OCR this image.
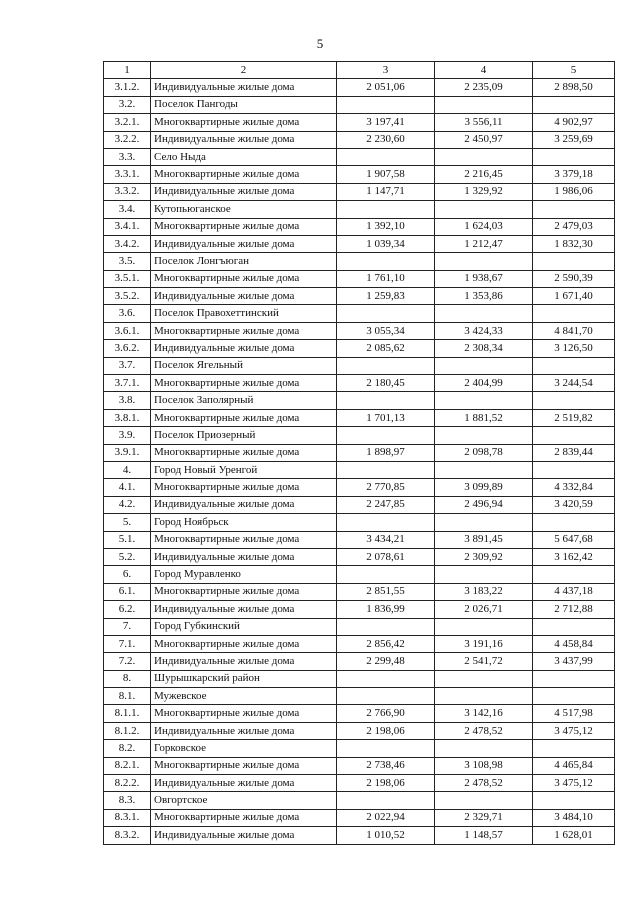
5
1	2	3	4	5
3.1.2.	Индивидуальные жилые дома	2 051,06	2 235,09	2 898,50
3.2.	Поселок Пангоды			
3.2.1.	Многоквартирные жилые дома	3 197,41	3 556,11	4 902,97
3.2.2.	Индивидуальные жилые дома	2 230,60	2 450,97	3 259,69
3.3.	Село Ныда			
3.3.1.	Многоквартирные жилые дома	1 907,58	2 216,45	3 379,18
3.3.2.	Индивидуальные жилые дома	1 147,71	1 329,92	1 986,06
3.4.	Кутопьюганское			
3.4.1.	Многоквартирные жилые дома	1 392,10	1 624,03	2 479,03
3.4.2.	Индивидуальные жилые дома	1 039,34	1 212,47	1 832,30
3.5.	Поселок Лонгъюган			
3.5.1.	Многоквартирные жилые дома	1 761,10	1 938,67	2 590,39
3.5.2.	Индивидуальные жилые дома	1 259,83	1 353,86	1 671,40
3.6.	Поселок Правохеттинский			
3.6.1.	Многоквартирные жилые дома	3 055,34	3 424,33	4 841,70
3.6.2.	Индивидуальные жилые дома	2 085,62	2 308,34	3 126,50
3.7.	Поселок Ягельный			
3.7.1.	Многоквартирные жилые дома	2 180,45	2 404,99	3 244,54
3.8.	Поселок Заполярный			
3.8.1.	Многоквартирные жилые дома	1 701,13	1 881,52	2 519,82
3.9.	Поселок Приозерный			
3.9.1.	Многоквартирные жилые дома	1 898,97	2 098,78	2 839,44
4.	Город Новый Уренгой			
4.1.	Многоквартирные жилые дома	2 770,85	3 099,89	4 332,84
4.2.	Индивидуальные жилые дома	2 247,85	2 496,94	3 420,59
5.	Город Ноябрьск			
5.1.	Многоквартирные жилые дома	3 434,21	3 891,45	5 647,68
5.2.	Индивидуальные жилые дома	2 078,61	2 309,92	3 162,42
6.	Город Муравленко			
6.1.	Многоквартирные жилые дома	2 851,55	3 183,22	4 437,18
6.2.	Индивидуальные жилые дома	1 836,99	2 026,71	2 712,88
7.	Город Губкинский			
7.1.	Многоквартирные жилые дома	2 856,42	3 191,16	4 458,84
7.2.	Индивидуальные жилые дома	2 299,48	2 541,72	3 437,99
8.	Шурышкарский район			
8.1.	Мужевское			
8.1.1.	Многоквартирные жилые дома	2 766,90	3 142,16	4 517,98
8.1.2.	Индивидуальные жилые дома	2 198,06	2 478,52	3 475,12
8.2.	Горковское			
8.2.1.	Многоквартирные жилые дома	2 738,46	3 108,98	4 465,84
8.2.2.	Индивидуальные жилые дома	2 198,06	2 478,52	3 475,12
8.3.	Овгортское			
8.3.1.	Многоквартирные жилые дома	2 022,94	2 329,71	3 484,10
8.3.2.	Индивидуальные жилые дома	1 010,52	1 148,57	1 628,01
